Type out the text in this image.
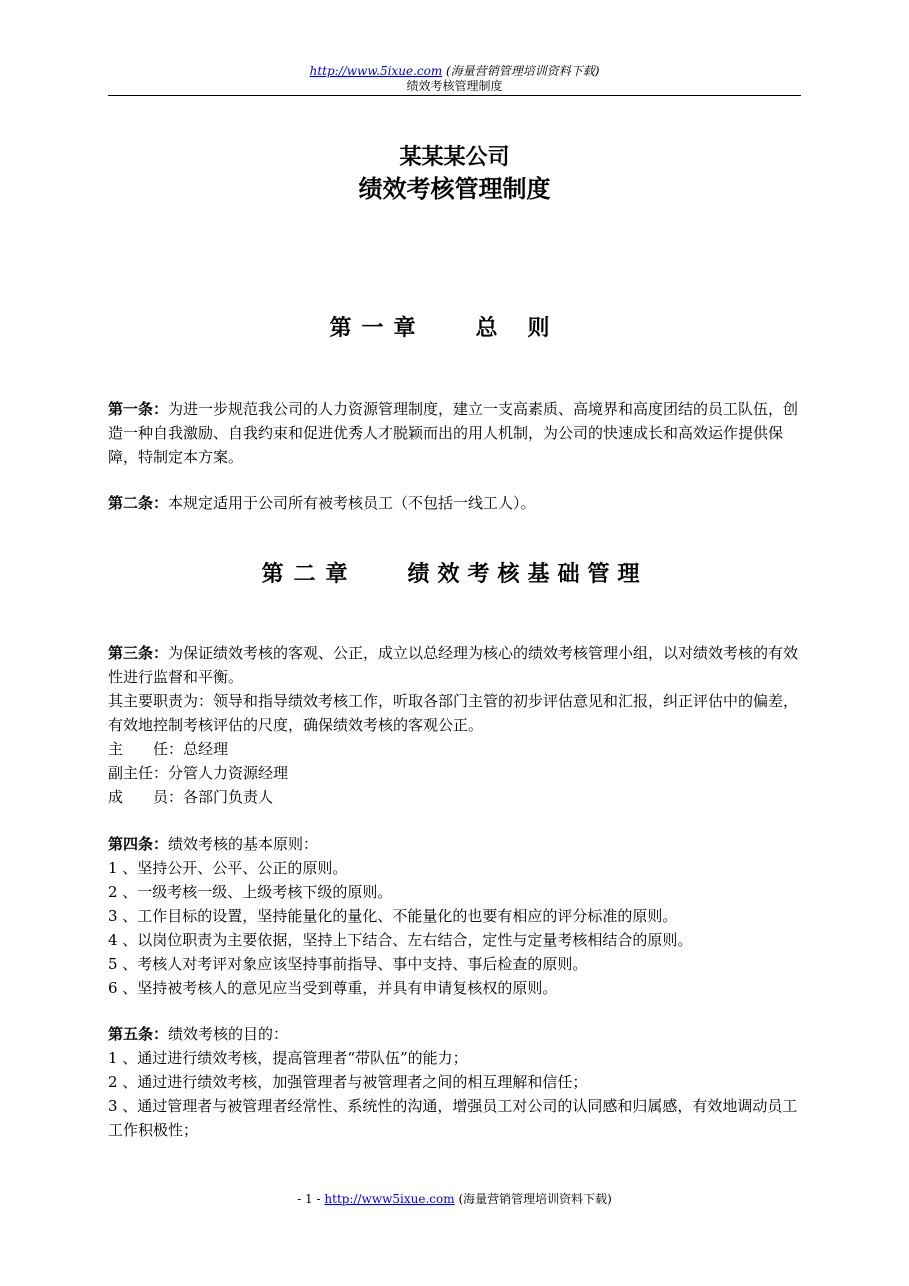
http://www.5ixue.com (海量营销管理培训资料下载)
绩效考核管理制度
某某某公司
绩效考核管理制度
第一章 总则

第一条：为进一步规范我公司的人力资源管理制度，建立一支高素质、高境界和高度团结的员工队伍，创造一种自我激励、自我约束和促进优秀人才脱颖而出的用人机制，为公司的快速成长和高效运作提供保障，特制定本方案。

第二条：本规定适用于公司所有被考核员工（不包括一线工人）。

第二章 绩效考核基础管理

第三条：为保证绩效考核的客观、公正，成立以总经理为核心的绩效考核管理小组，以对绩效考核的有效性进行监督和平衡。

其主要职责为：领导和指导绩效考核工作，听取各部门主管的初步评估意见和汇报，纠正评估中的偏差，有效地控制考核评估的尺度，确保绩效考核的客观公正。

主　　任：总经理

副主任：分管人力资源经理

成　　员：各部门负责人

第四条：绩效考核的基本原则：

1 、坚持公开、公平、公正的原则。

2 、一级考核一级、上级考核下级的原则。

3 、工作目标的设置，坚持能量化的量化、不能量化的也要有相应的评分标准的原则。

4 、以岗位职责为主要依据，坚持上下结合、左右结合，定性与定量考核相结合的原则。

5 、考核人对考评对象应该坚持事前指导、事中支持、事后检查的原则。

6 、坚持被考核人的意见应当受到尊重，并具有申请复核权的原则。

第五条：绩效考核的目的：

1 、通过进行绩效考核，提高管理者“带队伍”的能力；

2 、通过进行绩效考核，加强管理者与被管理者之间的相互理解和信任；

3 、通过管理者与被管理者经常性、系统性的沟通，增强员工对公司的认同感和归属感，有效地调动员工工作积极性；

- 1 - http://www5ixue.com (海量营销管理培训资料下载)
